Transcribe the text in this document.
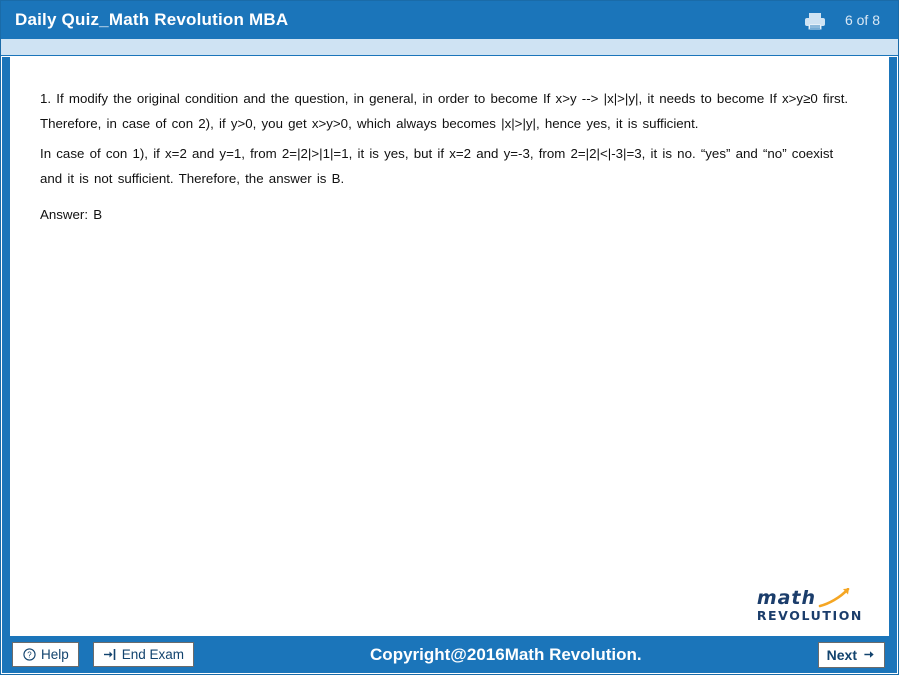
Daily Quiz_Math Revolution MBA	6 of 8

1. If modify the original condition and the question, in general, in order to become If x>y --> |x|>|y|, it needs to become If x>y≥0 first. Therefore, in case of con 2), if y>0, you get x>y>0, which always becomes |x|>|y|, hence yes, it is sufficient.

In case of con 1), if x=2 and y=1, from 2=|2|>|1|=1, it is yes, but if x=2 and y=-3, from 2=|2|<|-3|=3, it is no. “yes” and “no” coexist and it is not sufficient. Therefore, the answer is B.

Answer: B

math
REVOLUTION
? Help	End Exam	Copyright@2016Math Revolution.	Next
